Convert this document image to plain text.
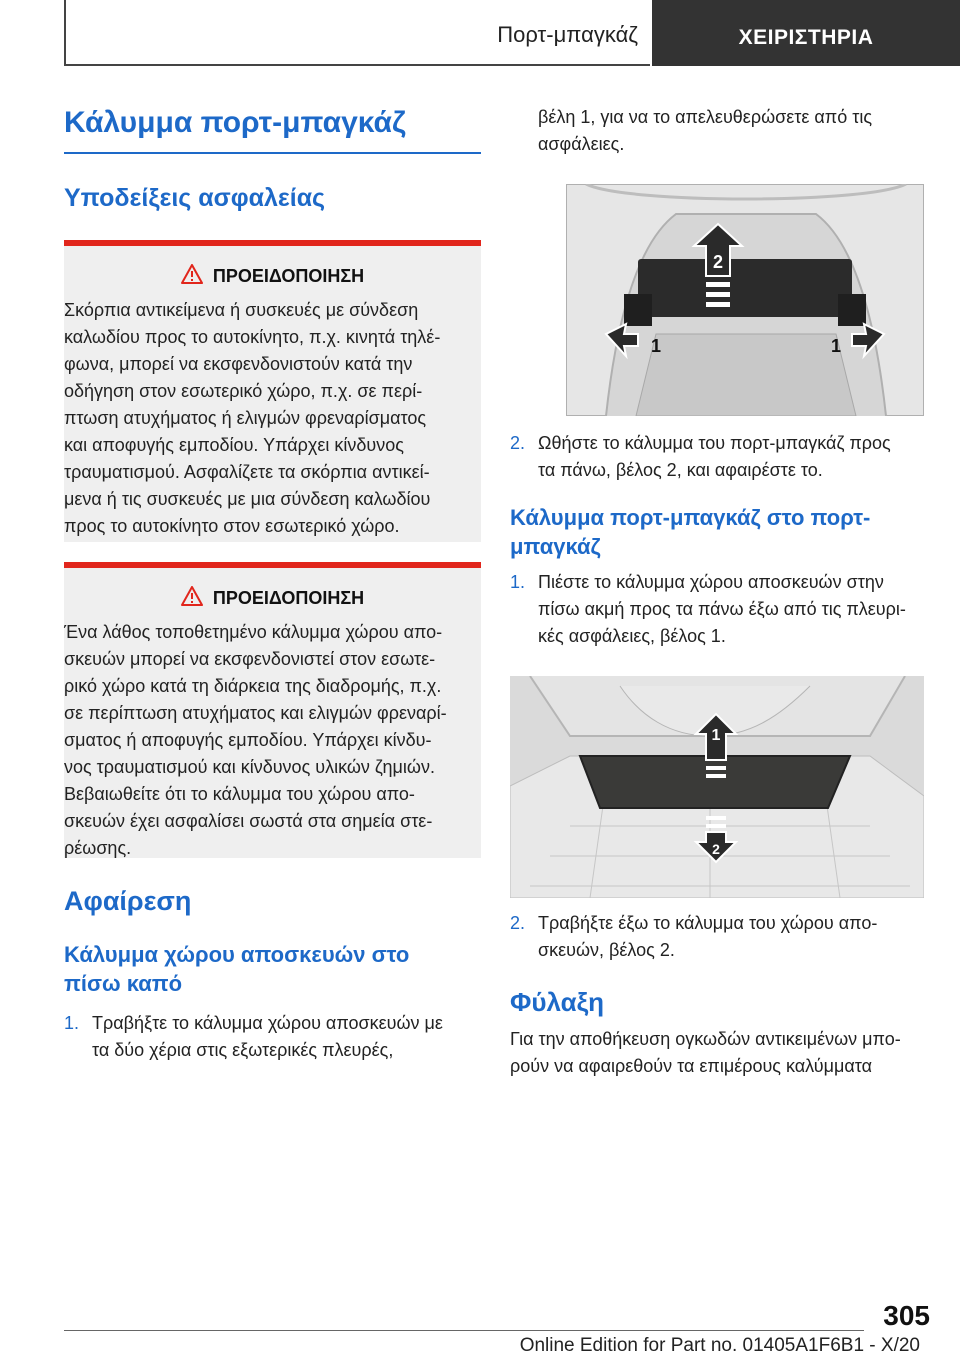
Πορτ-μπαγκάζ	ΧΕΙΡΙΣΤΗΡΙΑ
Κάλυμμα πορτ-μπαγκάζ
Υποδείξεις ασφαλείας
ΠΡΟΕΙΔΟΠΟΙΗΣΗ
Σκόρπια αντικείμενα ή συσκευές με σύνδεση
καλωδίου προς το αυτοκίνητο, π.χ. κινητά τηλέ-
φωνα, μπορεί να εκσφενδονιστούν κατά την
οδήγηση στον εσωτερικό χώρο, π.χ. σε περί-
πτωση ατυχήματος ή ελιγμών φρεναρίσματος
και αποφυγής εμποδίου. Υπάρχει κίνδυνος
τραυματισμού. Ασφαλίζετε τα σκόρπια αντικεί-
μενα ή τις συσκευές με μια σύνδεση καλωδίου
προς το αυτοκίνητο στον εσωτερικό χώρο.
ΠΡΟΕΙΔΟΠΟΙΗΣΗ
Ένα λάθος τοποθετημένο κάλυμμα χώρου απο-
σκευών μπορεί να εκσφενδονιστεί στον εσωτε-
ρικό χώρο κατά τη διάρκεια της διαδρομής, π.χ.
σε περίπτωση ατυχήματος και ελιγμών φρεναρί-
σματος ή αποφυγής εμποδίου. Υπάρχει κίνδυ-
νος τραυματισμού και κίνδυνος υλικών ζημιών.
Βεβαιωθείτε ότι το κάλυμμα του χώρου απο-
σκευών έχει ασφαλίσει σωστά στα σημεία στε-
ρέωσης.
Αφαίρεση
Κάλυμμα χώρου αποσκευών στο
πίσω καπό
1. Τραβήξτε το κάλυμμα χώρου αποσκευών με
τα δύο χέρια στις εξωτερικές πλευρές,
βέλη 1, για να το απελευθερώσετε από τις
ασφάλειες.
2
1	1
2. Ωθήστε το κάλυμμα του πορτ-μπαγκάζ προς
τα πάνω, βέλος 2, και αφαιρέστε το.
Κάλυμμα πορτ-μπαγκάζ στο πορτ-
μπαγκάζ
1. Πιέστε το κάλυμμα χώρου αποσκευών στην
πίσω ακμή προς τα πάνω έξω από τις πλευρι-
κές ασφάλειες, βέλος 1.
1
2
2. Τραβήξτε έξω το κάλυμμα του χώρου απο-
σκευών, βέλος 2.
Φύλαξη
Για την αποθήκευση ογκωδών αντικειμένων μπο-
ρούν να αφαιρεθούν τα επιμέρους καλύμματα
305
Online Edition for Part no. 01405A1F6B1 - X/20
